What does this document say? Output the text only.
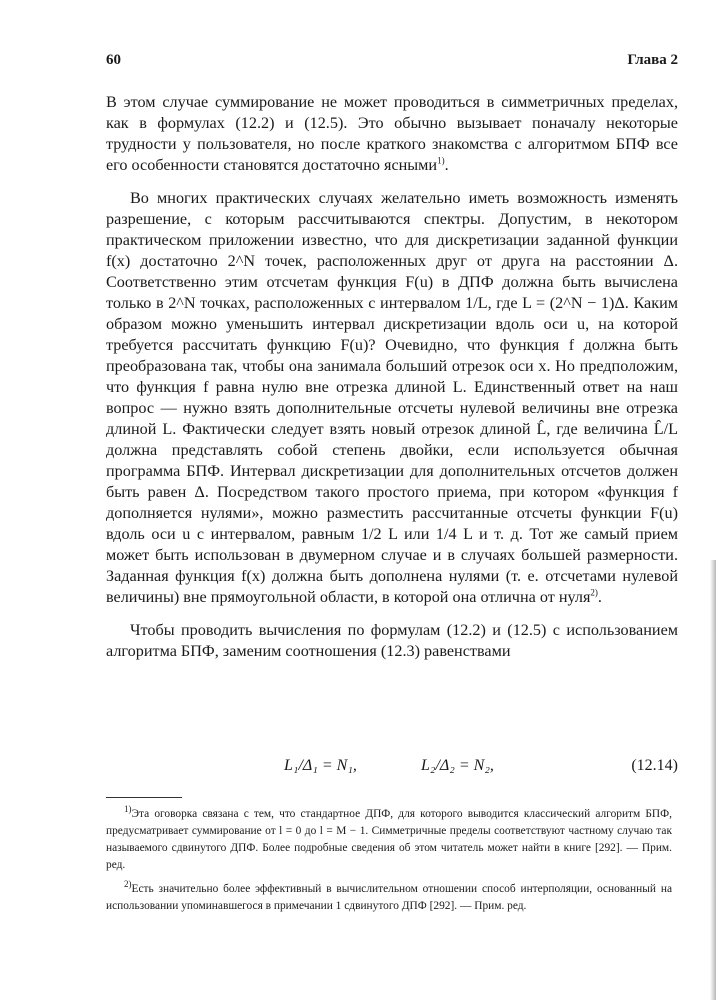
60	Глава 2

В этом случае суммирование не может проводиться в симметричных пределах, как в формулах (12.2) и (12.5). Это обычно вызывает поначалу некоторые трудности у пользователя, но после краткого знакомства с алгоритмом БПФ все его особенности становятся достаточно ясными$^{1)}$.

Во многих практических случаях желательно иметь возможность изменять разрешение, с которым рассчитываются спектры. Допустим, в некотором практическом приложении известно, что для дискретизации заданной функции f(x) достаточно 2^N точек, расположенных друг от друга на расстоянии Δ. Соответственно этим отсчетам функция F(u) в ДПФ должна быть вычислена только в 2^N точках, расположенных с интервалом 1/L, где L = (2^N − 1)Δ. Каким образом можно уменьшить интервал дискретизации вдоль оси u, на которой требуется рассчитать функцию F(u)? Очевидно, что функция f должна быть преобразована так, чтобы она занимала больший отрезок оси x. Но предположим, что функция f равна нулю вне отрезка длиной L. Единственный ответ на наш вопрос — нужно взять дополнительные отсчеты нулевой величины вне отрезка длиной L. Фактически следует взять новый отрезок длиной L̂, где величина L̂/L должна представлять собой степень двойки, если используется обычная программа БПФ. Интервал дискретизации для дополнительных отсчетов должен быть равен Δ. Посредством такого простого приема, при котором «функция f дополняется нулями», можно разместить рассчитанные отсчеты функции F(u) вдоль оси u с интервалом, равным 1/2 L или 1/4 L и т. д. Тот же самый прием может быть использован в двумерном случае и в случаях большей размерности. Заданная функция f(x) должна быть дополнена нулями (т. е. отсчетами нулевой величины) вне прямоугольной области, в которой она отлична от нуля$^{2)}$.

Чтобы проводить вычисления по формулам (12.2) и (12.5) с использованием алгоритма БПФ, заменим соотношения (12.3) равенствами

L₁/Δ₁ = N₁,	L₂/Δ₂ = N₂,	(12.14)

$^{1)}$Эта оговорка связана с тем, что стандартное ДПФ, для которого выводится классический алгоритм БПФ, предусматривает суммирование от l = 0 до l = M − 1. Симметричные пределы соответствуют частному случаю так называемого сдвинутого ДПФ. Более подробные сведения об этом читатель может найти в книге [292]. — Прим. ред.

$^{2)}$Есть значительно более эффективный в вычислительном отношении способ интерполяции, основанный на использовании упоминавшегося в примечании 1 сдвинутого ДПФ [292]. — Прим. ред.
